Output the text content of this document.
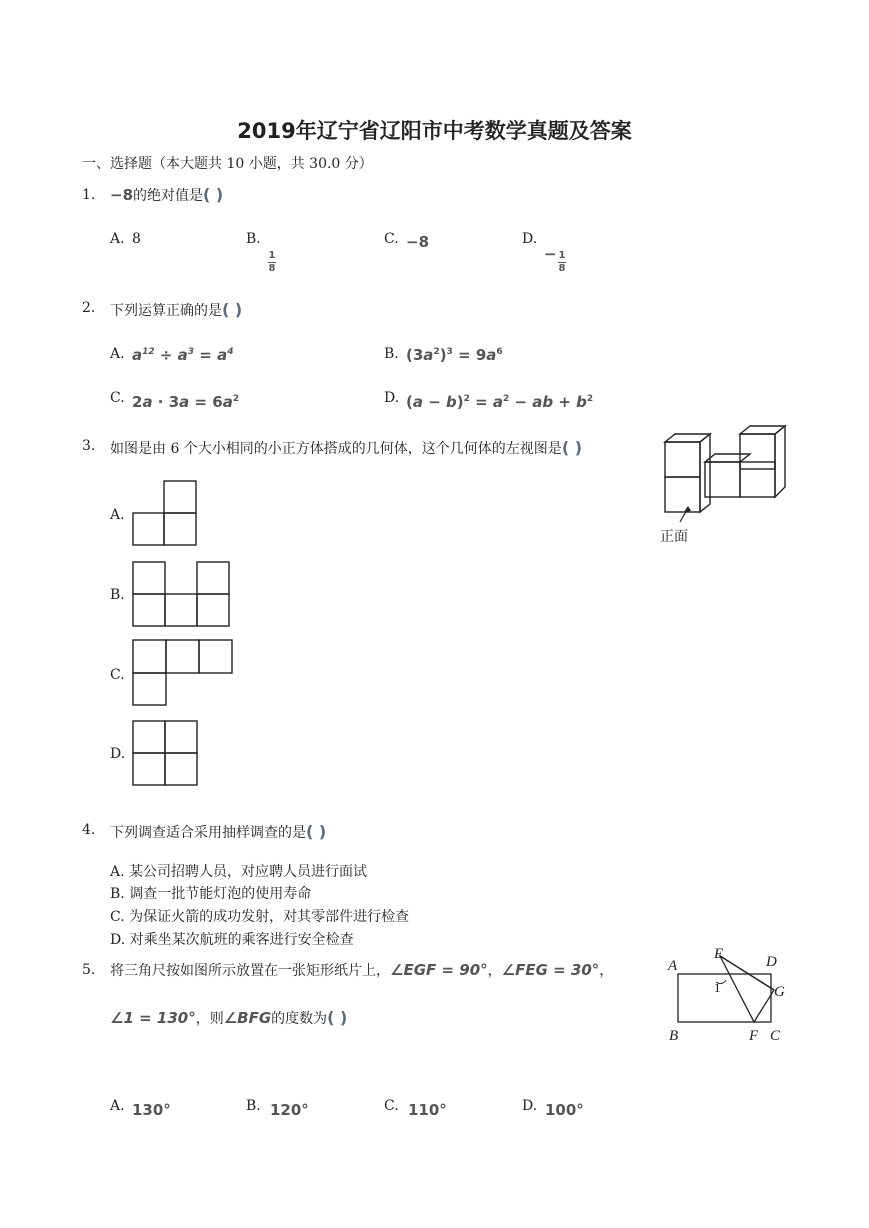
2019年辽宁省辽阳市中考数学真题及答案
一、选择题（本大题共 10 小题，共 30.0 分）
1. −8的绝对值是( )
A. 8	B.
$\frac{1}{8}$
C. −8	D.
− $\frac{1}{8}$
2. 下列运算正确的是( )
A. $a^{12} \div a^3 = a^4$	B. $(3a^2)^3 = 9a^6$
C. $2a \cdot 3a = 6a^2$	D. $(a - b)^2 = a^2$ − ab + $b^2$
3. 如图是由 6 个大小相同的小正方体搭成的几何体，这个几何体的左视图是( )
正面
A.
B.
C.
D.
4. 下列调查适合采用抽样调查的是( )
A. 某公司招聘人员，对应聘人员进行面试
B. 调查一批节能灯泡的使用寿命
C. 为保证火箭的成功发射，对其零部件进行检查
D. 对乘坐某次航班的乘客进行安全检查
5. 将三角尺按如图所示放置在一张矩形纸片上，∠EGF = 90°，∠FEG = 30°，
∠1 = 130°，则∠BFG的度数为( )
A
B	C
D
E
F
G
1
A. 130°	B. 120°	C. 110°	D. 100°
